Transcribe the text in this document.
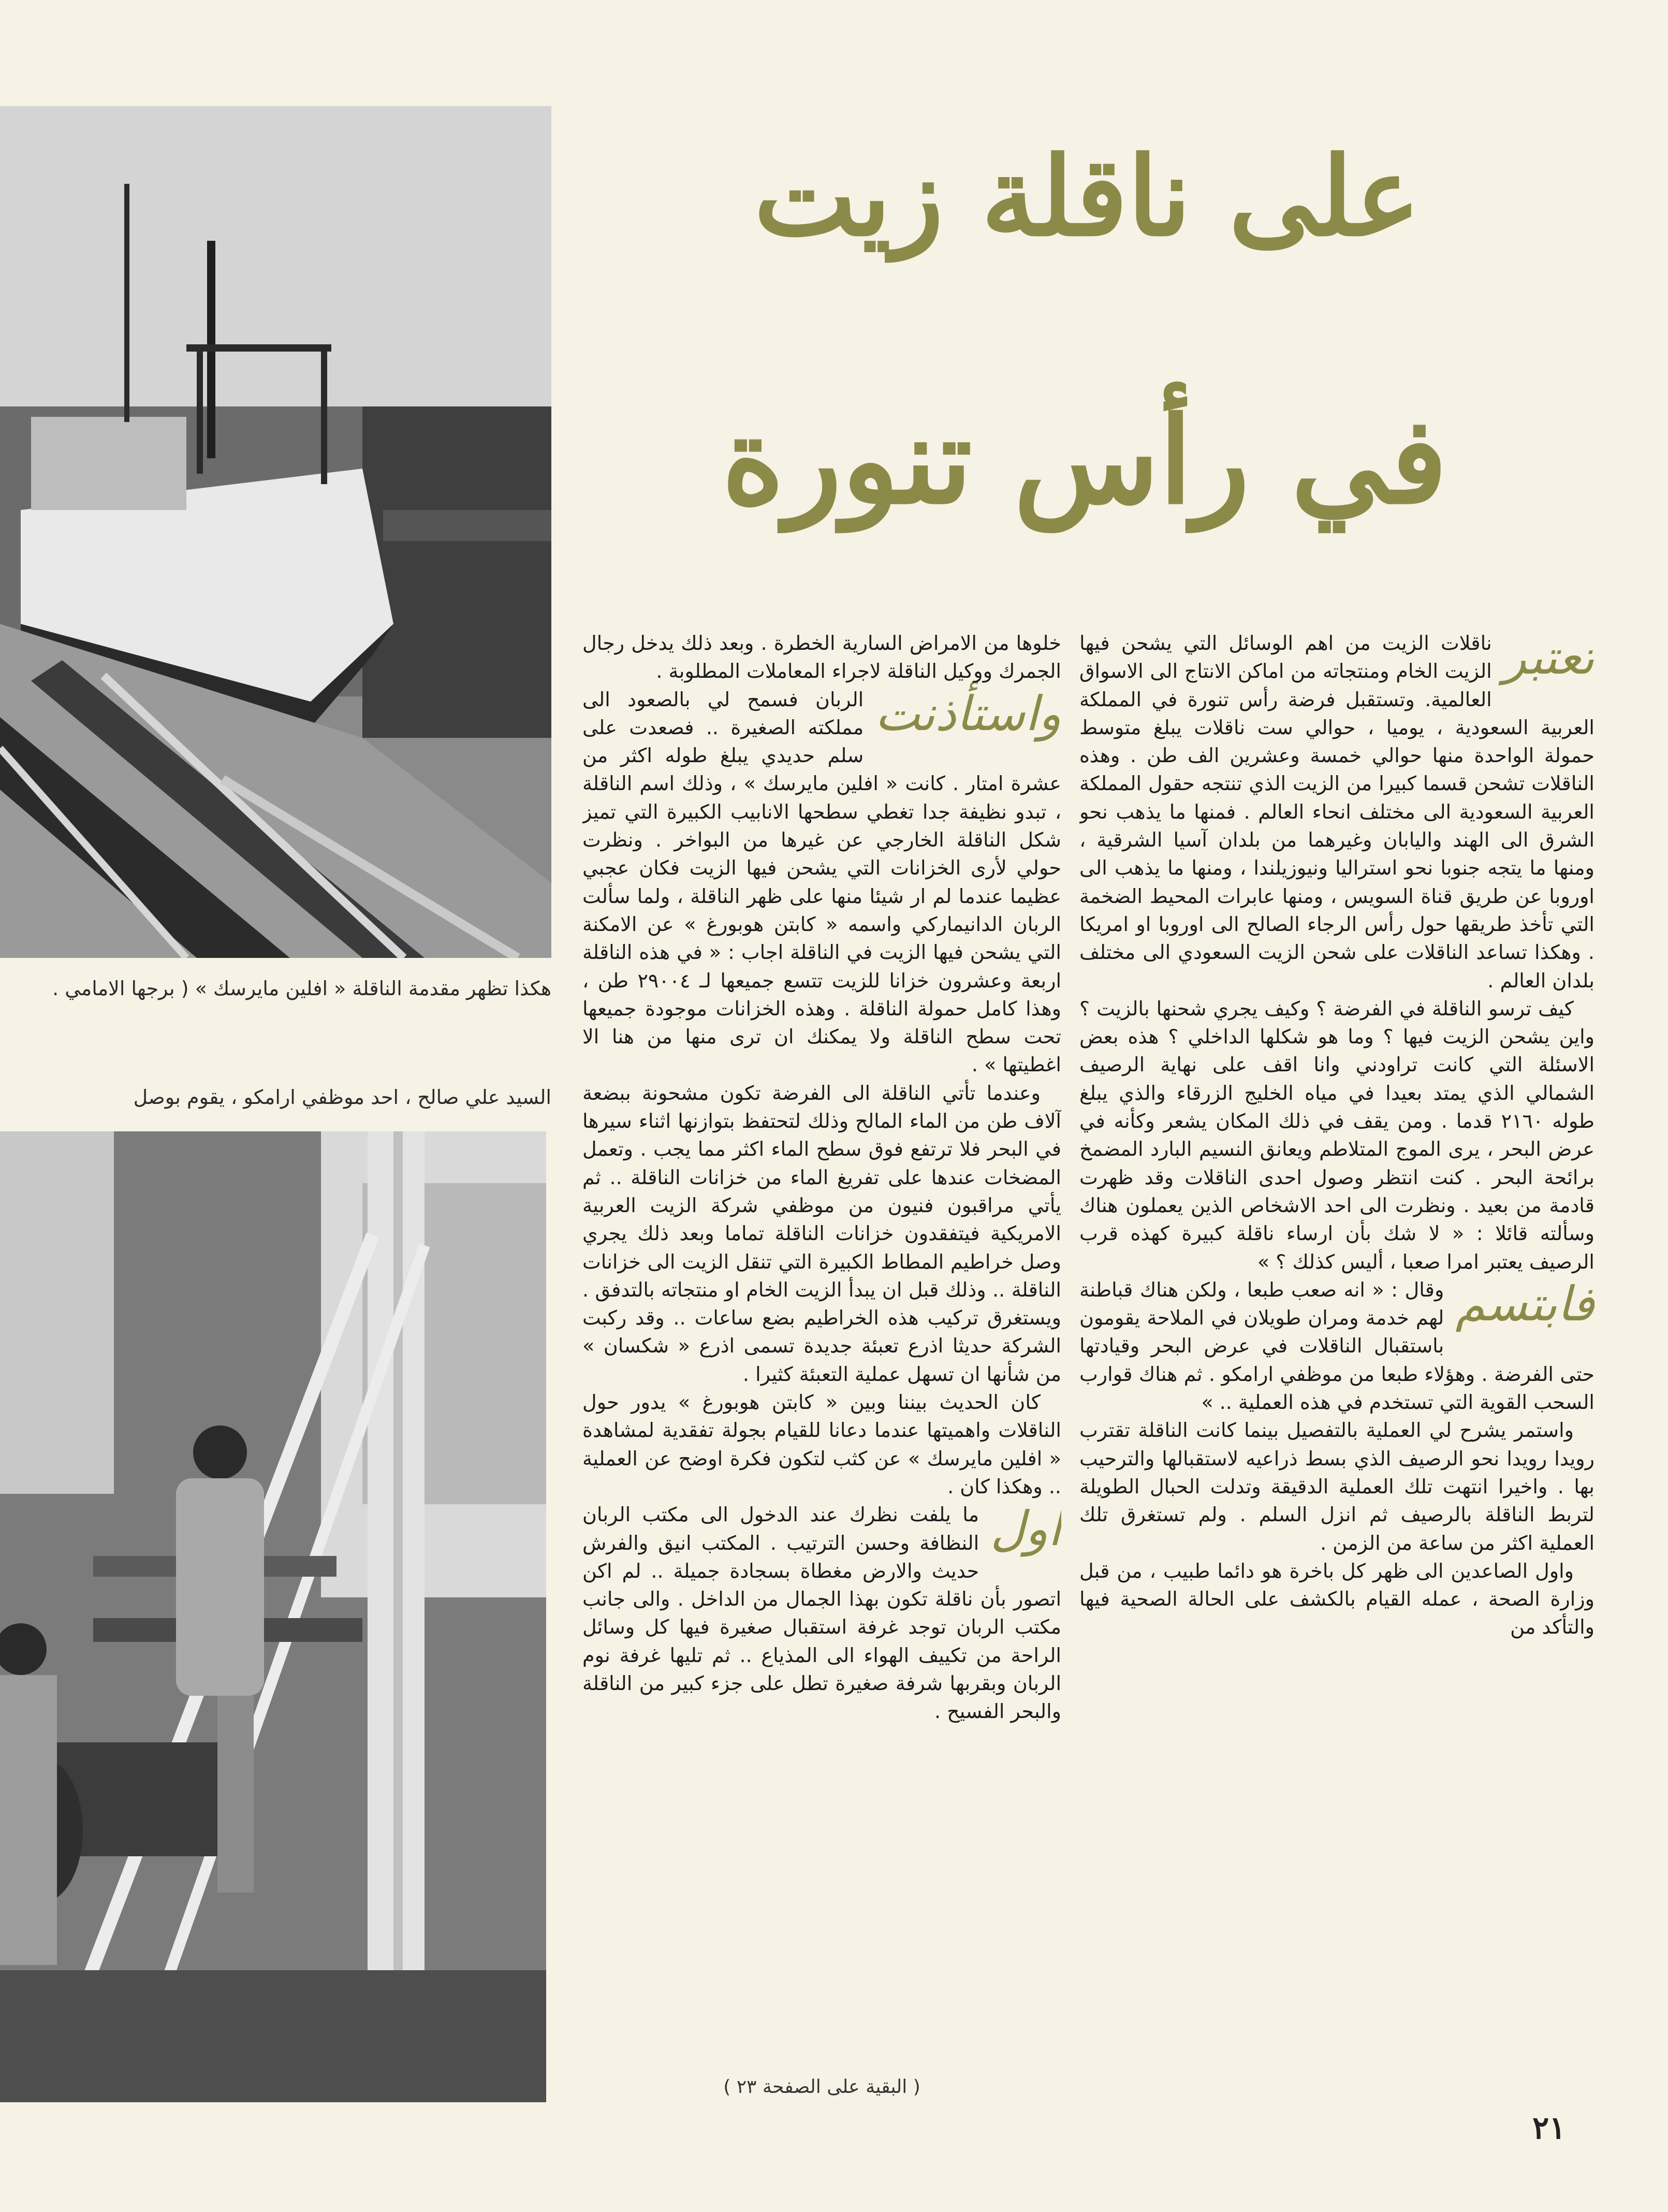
هكذا تظهر مقدمة الناقلة « افلين مايرسك » ( برجها الامامي .
السيد علي صالح ، احد موظفي ارامكو ، يقوم بوصل
على ناقلة زيت
في رأس تنورة

تعتبر
ناقلات الزيت من اهم الوسائل التي يشحن فيها الزيت الخام ومنتجاته من اماكن الانتاج الى الاسواق العالمية. وتستقبل فرضة رأس تنورة في المملكة العربية السعودية ، يوميا ، حوالي ست ناقلات يبلغ متوسط حمولة الواحدة منها حوالي خمسة وعشرين الف طن . وهذه الناقلات تشحن قسما كبيرا من الزيت الذي تنتجه حقول المملكة العربية السعودية الى مختلف انحاء العالم . فمنها ما يذهب نحو الشرق الى الهند واليابان وغيرهما من بلدان آسيا الشرقية ، ومنها ما يتجه جنوبا نحو استراليا ونيوزيلندا ، ومنها ما يذهب الى اوروبا عن طريق قناة السويس ، ومنها عابرات المحيط الضخمة التي تأخذ طريقها حول رأس الرجاء الصالح الى اوروبا او امريكا . وهكذا تساعد الناقلات على شحن الزيت السعودي الى مختلف بلدان العالم .

كيف ترسو الناقلة في الفرضة ؟ وكيف يجري شحنها بالزيت ؟ واين يشحن الزيت فيها ؟ وما هو شكلها الداخلي ؟ هذه بعض الاسئلة التي كانت تراودني وانا اقف على نهاية الرصيف الشمالي الذي يمتد بعيدا في مياه الخليج الزرقاء والذي يبلغ طوله ٢١٦٠ قدما . ومن يقف في ذلك المكان يشعر وكأنه في عرض البحر ، يرى الموج المتلاطم ويعانق النسيم البارد المضمخ برائحة البحر . كنت انتظر وصول احدى الناقلات وقد ظهرت قادمة من بعيد . ونظرت الى احد الاشخاص الذين يعملون هناك وسألته قائلا : « لا شك بأن ارساء ناقلة كبيرة كهذه قرب الرصيف يعتبر امرا صعبا ، أليس كذلك ؟ »

فابتسم
وقال : « انه صعب طبعا ، ولكن هناك قباطنة لهم خدمة ومران طويلان في الملاحة يقومون باستقبال الناقلات في عرض البحر وقيادتها حتى الفرضة . وهؤلاء طبعا من موظفي ارامكو . ثم هناك قوارب السحب القوية التي تستخدم في هذه العملية .. »

واستمر يشرح لي العملية بالتفصيل بينما كانت الناقلة تقترب رويدا رويدا نحو الرصيف الذي بسط ذراعيه لاستقبالها والترحيب بها . واخيرا انتهت تلك العملية الدقيقة وتدلت الحبال الطويلة لتربط الناقلة بالرصيف ثم انزل السلم . ولم تستغرق تلك العملية اكثر من ساعة من الزمن .

واول الصاعدين الى ظهر كل باخرة هو دائما طبيب ، من قبل وزارة الصحة ، عمله القيام بالكشف على الحالة الصحية فيها والتأكد من

خلوها من الامراض السارية الخطرة . وبعد ذلك يدخل رجال الجمرك ووكيل الناقلة لاجراء المعاملات المطلوبة .

واستأذنت
الربان فسمح لي بالصعود الى مملكته الصغيرة .. فصعدت على سلم حديدي يبلغ طوله اكثر من عشرة امتار . كانت « افلين مايرسك » ، وذلك اسم الناقلة ، تبدو نظيفة جدا تغطي سطحها الانابيب الكبيرة التي تميز شكل الناقلة الخارجي عن غيرها من البواخر . ونظرت حولي لأرى الخزانات التي يشحن فيها الزيت فكان عجبي عظيما عندما لم ار شيئا منها على ظهر الناقلة ، ولما سألت الربان الدانيماركي واسمه « كابتن هوبورغ » عن الامكنة التي يشحن فيها الزيت في الناقلة اجاب : « في هذه الناقلة اربعة وعشرون خزانا للزيت تتسع جميعها لـ ٢٩٠٠٤ طن ، وهذا كامل حمولة الناقلة . وهذه الخزانات موجودة جميعها تحت سطح الناقلة ولا يمكنك ان ترى منها من هنا الا اغطيتها » .

وعندما تأتي الناقلة الى الفرضة تكون مشحونة ببضعة آلاف طن من الماء المالح وذلك لتحتفظ بتوازنها اثناء سيرها في البحر فلا ترتفع فوق سطح الماء اكثر مما يجب . وتعمل المضخات عندها على تفريغ الماء من خزانات الناقلة .. ثم يأتي مراقبون فنيون من موظفي شركة الزيت العربية الامريكية فيتفقدون خزانات الناقلة تماما وبعد ذلك يجري وصل خراطيم المطاط الكبيرة التي تنقل الزيت الى خزانات الناقلة .. وذلك قبل ان يبدأ الزيت الخام او منتجاته بالتدفق . ويستغرق تركيب هذه الخراطيم بضع ساعات .. وقد ركبت الشركة حديثا اذرع تعبئة جديدة تسمى اذرع « شكسان » من شأنها ان تسهل عملية التعبئة كثيرا .

كان الحديث بيننا وبين « كابتن هوبورغ » يدور حول الناقلات واهميتها عندما دعانا للقيام بجولة تفقدية لمشاهدة « افلين مايرسك » عن كثب لتكون فكرة اوضح عن العملية .. وهكذا كان .

اول
ما يلفت نظرك عند الدخول الى مكتب الربان النظافة وحسن الترتيب . المكتب انيق والفرش حديث والارض مغطاة بسجادة جميلة .. لم اكن اتصور بأن ناقلة تكون بهذا الجمال من الداخل . والى جانب مكتب الربان توجد غرفة استقبال صغيرة فيها كل وسائل الراحة من تكييف الهواء الى المذياع .. ثم تليها غرفة نوم الربان وبقربها شرفة صغيرة تطل على جزء كبير من الناقلة والبحر الفسيح .

( البقية على الصفحة ٢٣ )
٢١
